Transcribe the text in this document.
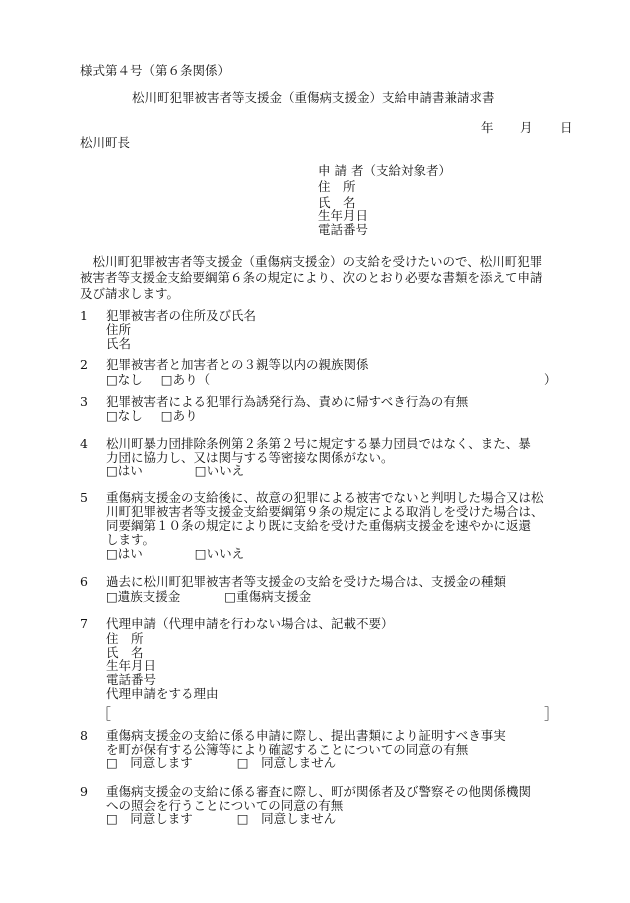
様式第４号（第６条関係）
松川町犯罪被害者等支援金（重傷病支援金）支給申請書兼請求書
年 月 日
松川町長
申 請 者（支給対象者）
住　所
氏　名
生年月日
電話番号
　松川町犯罪被害者等支援金（重傷病支援金）の支給を受けたいので、松川町犯罪
被害者等支援金支給要綱第６条の規定により、次のとおり必要な書類を添えて申請
及び請求します。
1 犯罪被害者の住所及び氏名
住所
氏名
2 犯罪被害者と加害者との３親等以内の親族関係
□なし □あり（	）
3 犯罪被害者による犯罪行為誘発行為、責めに帰すべき行為の有無
□なし □あり
4 松川町暴力団排除条例第２条第２号に規定する暴力団員ではなく、また、暴
力団に協力し、又は関与する等密接な関係がない。
□はい	□いいえ
5 重傷病支援金の支給後に、故意の犯罪による被害でないと判明した場合又は松
川町犯罪被害者等支援金支給要綱第９条の規定による取消しを受けた場合は、
同要綱第１０条の規定により既に支給を受けた重傷病支援金を速やかに返還
します。
□はい	□いいえ
6 過去に松川町犯罪被害者等支援金の支給を受けた場合は、支援金の種類
□遺族支援金	□重傷病支援金
7 代理申請（代理申請を行わない場合は、記載不要）
住　所
氏　名
生年月日
電話番号
代理申請をする理由
［	］
8 重傷病支援金の支給に係る申請に際し、提出書類により証明すべき事実
を町が保有する公簿等により確認することについての同意の有無
□　同意します	□　同意しません
9 重傷病支援金の支給に係る審査に際し、町が関係者及び警察その他関係機関
への照会を行うことについての同意の有無
□　同意します	□　同意しません
